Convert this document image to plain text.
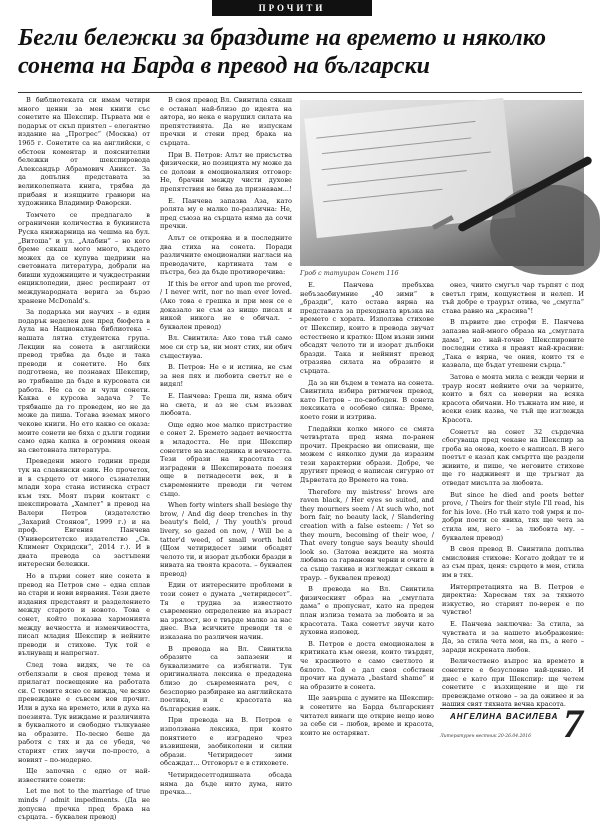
ПРОЧИТИ
Бегли бележки за браздите на времето и няколко сонета на Барда в превод на български

В библиотеката си имам четири много ценни за мен книги със сонетите на Шекспир. Първата ми е подарък от скъп приятел – елегантно издание на „Прогрес“ (Москва) от 1965 г. Сонетите са на английски, с обстоен коментар и пояснителни бележки от шекспировода Александър Абрамович Аникст. За да допълня представата за великолепната книга, трябва да прибавя и изящните гравюри на художника Владимир Фаворски.

Томчето се предлагало в ограничени количества в букиниста Руска книжарница на чешма на бул. „Витоша“ и ул. „Алабин“ – но кого бреме сякаш мого много, където можех да се купува щедрини на световната литература, добрали на бивши художниците и чуждестранни енциклопедии, днес респирант от международната верига за бързо хранене McDonald's.

За подаръка ми научих – в един подарък неделен ден пред бюфета в Аула на Национална библиотека – нашата лятна студентска група. Лекции на сонета в английски превод трябва да бъде и така преводи и сонетите. Но бях подготвена, не познавах Шекспир, но трябваше да бъде в курсовата си работа. Не са се и чули сонети. Каква е курсова задача ? Те трябваше да го проведем, но не да може да пиша. Тогава вземах много чекове книги. Но ето какво се оказа: моите сонети не бяха с дълги години само една капка в огромния океан на световната литература.

Преведени много години преди тук на славянски език. Но прочетох, и в сърцето от много съзнателни млади хора стана истинска страст към тях. Моят първи контакт с шекспировата „Хамлет“ в превод на Валери Петров (издателство „Захарий Стоянов“, 1999 г.) и на проф. Евгения Панчева (Университетско издателство „Св. Климент Охридски“, 2014 г.). И в двата превода са застъпени интересни бележки.

Но в първи сонет ние сонета в превод на Петров сме – една сплав на стари и нови вярвания. Тези двете издания представят и разделението между старото и новото. Това е сонет, който показва хармонията между вечността и изменчивостта, писал младия Шекспир в нейните преводи и стихове. Тук той е вълнуващ и напрегнат.

След това видях, че те са отбелязали в своя превод тема и прилагат посвещение на работата си. С темите ясно се вижда, че всяко превеждане е съвсем нов прочит. Или в духа на времето, или в духа на поезията. Тук виждаме и различията в буквалното и свободно тълкуване на образите. По-лесно беше да работя с тях и да се убедя, че старият стих звучи по-просто, а новият – по-модерно.

Ще започна с едно от най-известните сонети:

Let me not to the marriage of true minds / admit impediments. (Да не допусна пречка пред брака на сърцата. – буквален превод)

В своя превод Вл. Свинтила сякаш е останал най-близо до идеята на автора, но нека е нарушил силата на препятствията. Да не изпускам пречки и стени пред брака на сърцата.

При В. Петров: Алът не присъства физически, но позицията му може да се долови в емоционалния отговор: Не, брачни между чисти духове препятствия не бива да признавам...!

Е. Панчева запазва Аза, като ролята му е малко по-различна: Не, пред съюза на сърцата няма да сочи пречки.

Алът се откроява и в последните два стиха на сонета. Поради различните емоционални нагласи на преводачите, картината там е пъстра, без да бъде противоречива:

If this be error and upon me proved, / I never writ, nor no man ever loved. (Ако това е грешка и при мен се е доказало не съм аз нищо писал и никой никога не е обичал. – буквален превод)

Вл. Свинтила: Ако това тъй само мое си стр ъв, ни моят стих, ни обич съществува.

В. Петров: Не е и истина, не съм за нея пях и любовта светът не е видял!

Е. Панчева: Грешa ли, няма обич на света, и аз не съм въззвах любовта.

Още едно мое малко пристрастие е сонет 2. Бремето задает вечността в младостта. Не при Шекспир сонетите на наследника и вечността. Тези образи на красотата са изградени в Шекспировата поезия още в петнадесети век, и в съвременните преводи ги четем също.

When forty winters shall besiege thy brow, / And dig deep trenches in thy beauty's field, / Thy youth's proud livery, so gazed on now, / Will be a tatter'd weed, of small worth held (Щом четиридесет зими обсадят челото ти, и изорат дълбоки бразди в нивата на твоята красота. – буквален превод)

Един от интересните проблеми в този сонет е думата „четиридесет“. Тя е трудна за известното съвременно определение на възраст на зрялост, но е твърде малко за нас днес. Във всичките преводи тя е изказана по различен начин.

В превода на Вл. Свинтила образите са запазени и буквализмите са избягнати. Тук оригиналната лексика е предадена близо до съвременната реч, с безспорно разбиране на английската поетика, и с красотата на българския език.

При превода на В. Петров е използвана лексика, при която понятието е изградено чрез възвишени, заобиколени и силни образи. Четиридесет зими обсаждат... Отговорът е в стиховете.

Четиридесетгодишната обсада няма да бъде нито дума, нито пречка...

Гроб с татуиран Сонет 116

Е. Панчева пребъхва небъзаобиумние „40 зими“ в „бразди“, като остава вярна на представата за преходната връзка на времето с хората. Използва стихове от Шекспир, които в превода звучат естествено и кратко: Щом възни зими обсадят челото ти и изорат дълбоки бразди. Така и нейният превод отразява силата на образите и сърцата.

Да за ни бъдем в темата на сонета. Свинтила избира ритмичен превод, като Петров – по-свободен. В сонета лексиката е особено силна: Време, което гони и изтрива.

Гледайки колко много се смята четвъртата пред няма по-ранен прочит. Прекрасно ви описвани, ще можем с няколко думи да изразим тези характерни образи. Добре, че другият превод е написан сигурно от Дърветата до Времето на това.

Therefore my mistress' brows are raven black, / Her eyes so suited, and they mourners seem / At such who, not born fair, no beauty lack, / Slandering creation with a false esteem: / Yet so they mourn, becoming of their woe, / That every tongue says beauty should look so. (Затова веждите на моята любима са гарванови черни и очите ѝ са също такива и изглеждат сякаш в траур. – буквален превод)

В превода на Вл. Свинтила физическият образ на „смуглата дама“ е пропуснат, като на преден план излиза темата за любовта и за красотата. Така сонетът звучи като духовна изповед.

В. Петров е доста емоционален в критиката към онези, които твърдят, че красивото е само светлото и бялото. Той е дал своя собствен прочит на думата „bastard shame“ и на образите в сонета.

Ще завърша с думите на Шекспир: в сонетите на Барда българският читател винаги ще открие нещо ново за себе си – любов, време и красота, които не остаряват.

онез, чиито смугъл чар търпят с под светъл грим, кощунствен и нелеп. И тъй добре е траурът отива, че „смугла“ става равно на „красива“!

В първите две строфи Е. Панчева запазва най-много образа на „смуглата дама“, но най-точно Шекспировите последни стиха я правят най-красиви: „Така е вярна, че ония, които тя е казвала, ще бъдат утешени сърца.“

Затова е моята мила с вежди черни и траур носят нейните очи за черните, които в бял са неверни на всяка красота обичани. Но тъжната им ние, и всеки език казва, че тъй ще изглежда Красота.

Сонетът на сонет 32 сърдечна сбогуваща пред чекане на Шекспир за гроба на онова, което е написал. В него поетът е казал как смъртта ще раздели живите, и пише, че неговите стихове ще го надживеят и ще тръгнат да отведат мисълта за любовта.

But since he died and poets better prove, / Theirs for their style I'll read, his for his love. (Но тъй като той умря и по-добри поети се явиха, тях ще чета за стила им, него – за любовта му. – буквален превод)

В своя превод В. Свинтила допълва смисловия стихове: Когато дойдат те и аз съм прах, ценя: сърцето в мен, стила им в тях.

Интерпретацията на В. Петров е директна: Харесвам тях за тяхното изкуство, но старият по-верен е по чувство!

Е. Панчева заключва: За стила, за чувствата и за нашето въображение: Да, за стила чета мои, на пъ, а него – заради искрената любов.

Величествено въпрос на времето в сонетите е безусловно най-ценно. И днес е като при Шекспир: ще четем сонетите с възхищение и ще ги превеждаме отново – за да оживее и за нашия свят тяхната вечна красота.

АНГЕЛИНА ВАСИЛЕВА
Литературен вестник 20-26.04.2016 7
